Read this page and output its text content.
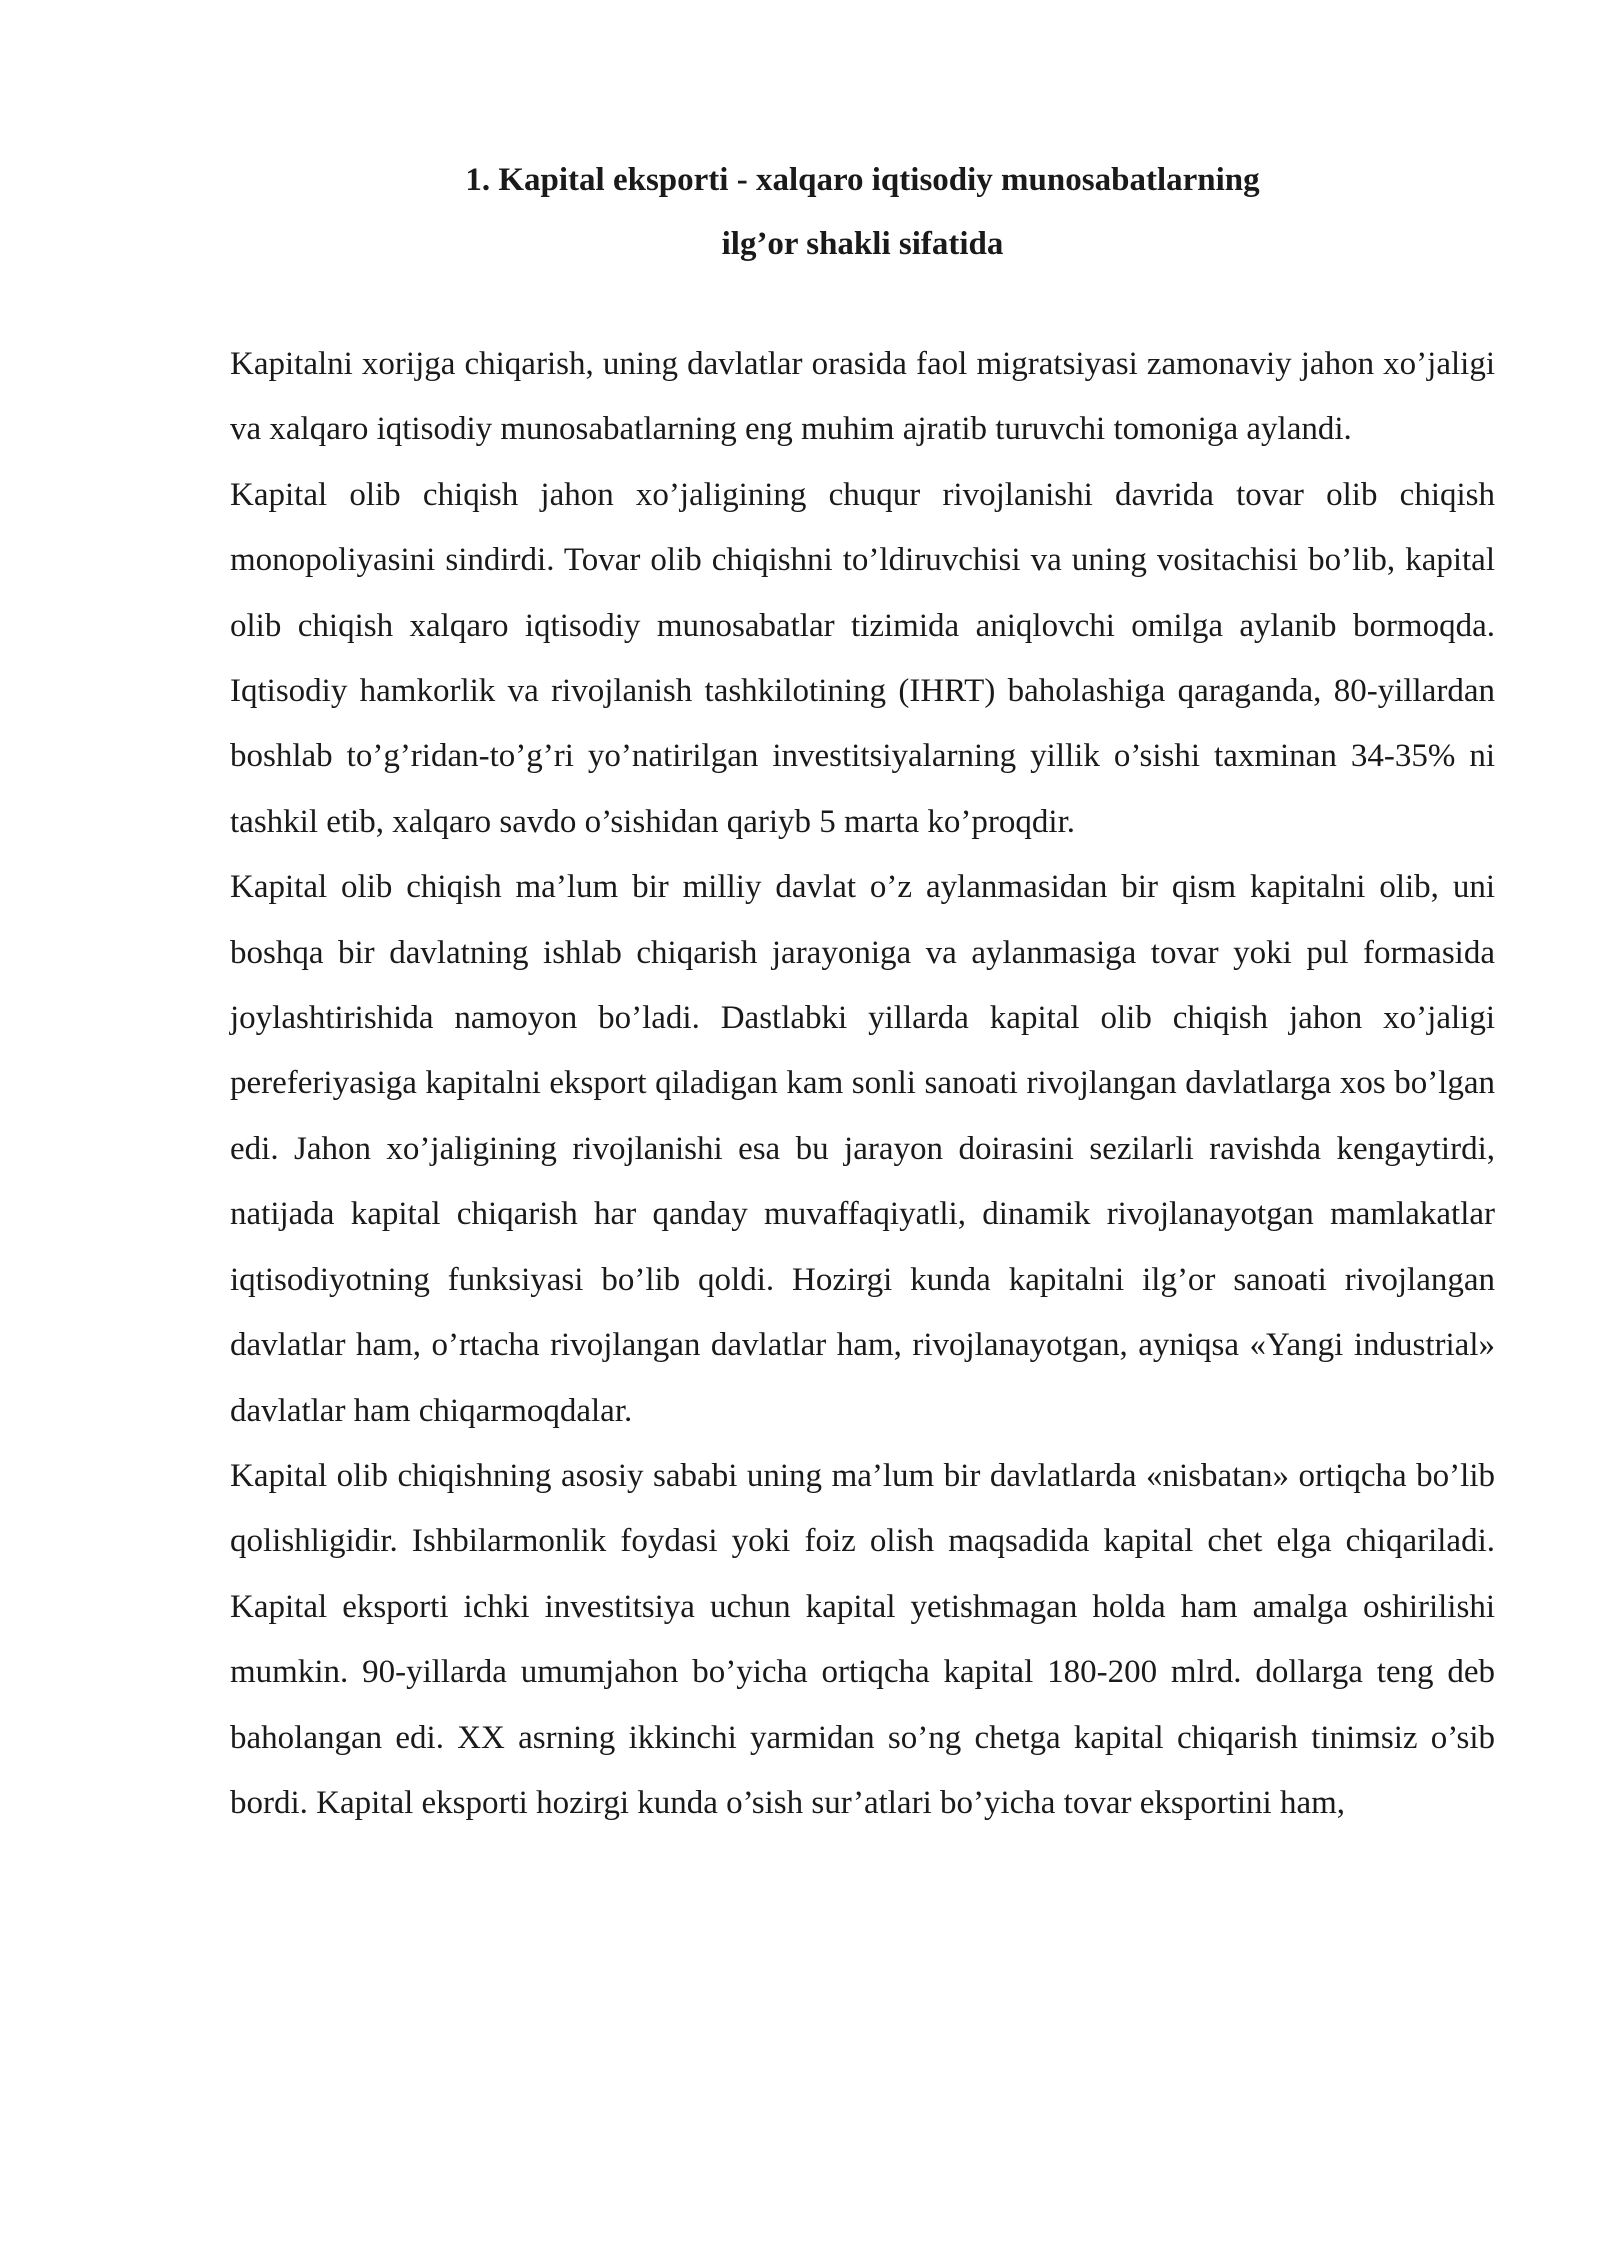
1. Kapital eksporti - xalqaro iqtisodiy munosabatlarning
ilg’or shakli sifatida

Kapitalni xorijga chiqarish, uning davlatlar orasida faol migratsiyasi zamonaviy jahon xo’jaligi va xalqaro iqtisodiy munosabatlarning eng muhim ajratib turuvchi tomoniga aylandi.

Kapital olib chiqish jahon xo’jaligining chuqur rivojlanishi davrida tovar olib chiqish monopoliyasini sindirdi. Tovar olib chiqishni to’ldiruvchisi va uning vositachisi bo’lib, kapital olib chiqish xalqaro iqtisodiy munosabatlar tizimida aniqlovchi omilga aylanib bormoqda. Iqtisodiy hamkorlik va rivojlanish tashkilotining (IHRT) baholashiga qaraganda, 80-yillardan boshlab to’g’ridan-to’g’ri yo’natirilgan investitsiyalarning yillik o’sishi taxminan 34-35% ni tashkil etib, xalqaro savdo o’sishidan qariyb 5 marta ko’proqdir.

Kapital olib chiqish ma’lum bir milliy davlat o’z aylanmasidan bir qism kapitalni olib, uni boshqa bir davlatning ishlab chiqarish jarayoniga va aylanmasiga tovar yoki pul formasida joylashtirishida namoyon bo’ladi. Dastlabki yillarda kapital olib chiqish jahon xo’jaligi pereferiyasiga kapitalni eksport qiladigan kam sonli sanoati rivojlangan davlatlarga xos bo’lgan edi. Jahon xo’jaligining rivojlanishi esa bu jarayon doirasini sezilarli ravishda kengaytirdi, natijada kapital chiqarish har qanday muvaffaqiyatli, dinamik rivojlanayotgan mamlakatlar iqtisodiyotning funksiyasi bo’lib qoldi. Hozirgi kunda kapitalni ilg’or sanoati rivojlangan davlatlar ham, o’rtacha rivojlangan davlatlar ham, rivojlanayotgan, ayniqsa «Yangi industrial» davlatlar ham chiqarmoqdalar.

Kapital olib chiqishning asosiy sababi uning ma’lum bir davlatlarda «nisbatan» ortiqcha bo’lib qolishligidir. Ishbilarmonlik foydasi yoki foiz olish maqsadida kapital chet elga chiqariladi. Kapital eksporti ichki investitsiya uchun kapital yetishmagan holda ham amalga oshirilishi mumkin. 90-yillarda umumjahon bo’yicha ortiqcha kapital 180-200 mlrd. dollarga teng deb baholangan edi. XX asrning ikkinchi yarmidan so’ng chetga kapital chiqarish tinimsiz o’sib bordi. Kapital eksporti hozirgi kunda o’sish sur’atlari bo’yicha tovar eksportini ham,
